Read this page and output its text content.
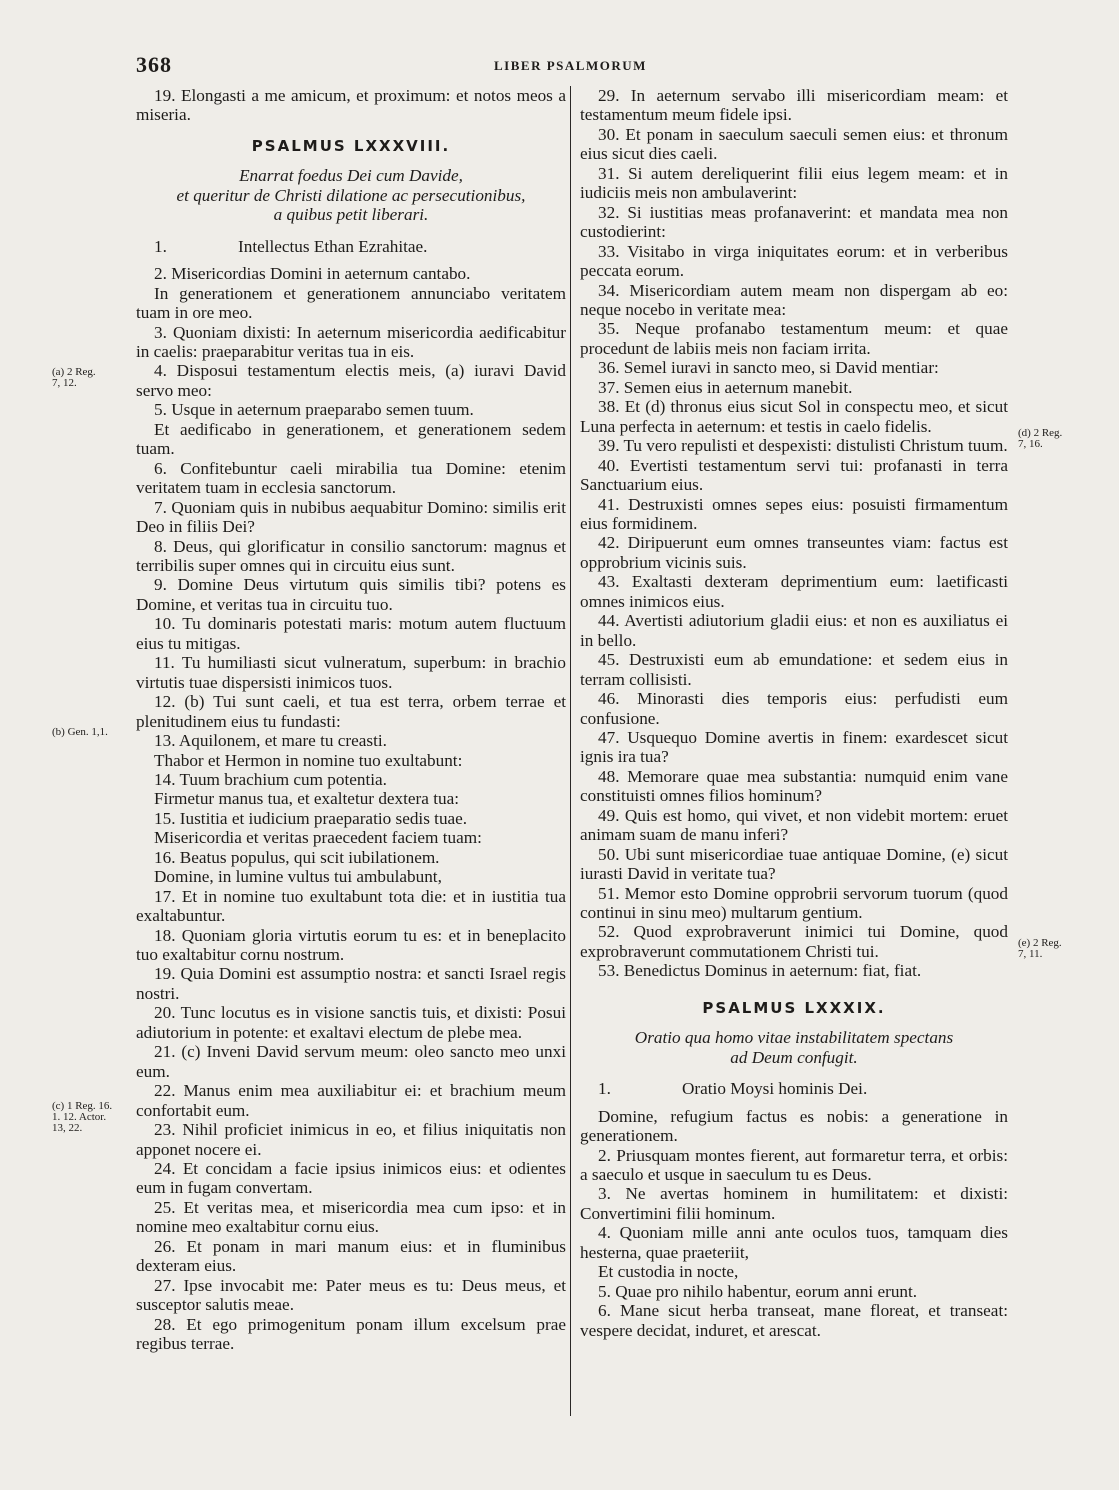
368	LIBER PSALMORUM

19. Elongasti a me amicum, et proximum: et notos meos a miseria.

PSALMUS LXXXVIII.

Enarrat foedus Dei cum Davide,

et queritur de Christi dilatione ac persecutionibus,

a quibus petit liberari.

1.	Intellectus Ethan Ezrahitae.

2. Misericordias Domini in aeternum cantabo.

In generationem et generationem annunciabo veritatem tuam in ore meo.

3. Quoniam dixisti: In aeternum misericordia aedificabitur in caelis: praeparabitur veritas tua in eis.

4. Disposui testamentum electis meis, (a) iuravi David servo meo:

5. Usque in aeternum praeparabo semen tuum.

Et aedificabo in generationem, et generationem sedem tuam.

6. Confitebuntur caeli mirabilia tua Domine: etenim veritatem tuam in ecclesia sanctorum.

7. Quoniam quis in nubibus aequabitur Domino: similis erit Deo in filiis Dei?

8. Deus, qui glorificatur in consilio sanctorum: magnus et terribilis super omnes qui in circuitu eius sunt.

9. Domine Deus virtutum quis similis tibi? potens es Domine, et veritas tua in circuitu tuo.

10. Tu dominaris potestati maris: motum autem fluctuum eius tu mitigas.

11. Tu humiliasti sicut vulneratum, superbum: in brachio virtutis tuae dispersisti inimicos tuos.

12. (b) Tui sunt caeli, et tua est terra, orbem terrae et plenitudinem eius tu fundasti:

13. Aquilonem, et mare tu creasti.

Thabor et Hermon in nomine tuo exultabunt:

14. Tuum brachium cum potentia.

Firmetur manus tua, et exaltetur dextera tua:

15. Iustitia et iudicium praeparatio sedis tuae.

Misericordia et veritas praecedent faciem tuam:

16. Beatus populus, qui scit iubilationem.

Domine, in lumine vultus tui ambulabunt,

17. Et in nomine tuo exultabunt tota die: et in iustitia tua exaltabuntur.

18. Quoniam gloria virtutis eorum tu es: et in beneplacito tuo exaltabitur cornu nostrum.

19. Quia Domini est assumptio nostra: et sancti Israel regis nostri.

20. Tunc locutus es in visione sanctis tuis, et dixisti: Posui adiutorium in potente: et exaltavi electum de plebe mea.

21. (c) Inveni David servum meum: oleo sancto meo unxi eum.

22. Manus enim mea auxiliabitur ei: et brachium meum confortabit eum.

23. Nihil proficiet inimicus in eo, et filius iniquitatis non apponet nocere ei.

24. Et concidam a facie ipsius inimicos eius: et odientes eum in fugam convertam.

25. Et veritas mea, et misericordia mea cum ipso: et in nomine meo exaltabitur cornu eius.

26. Et ponam in mari manum eius: et in fluminibus dexteram eius.

27. Ipse invocabit me: Pater meus es tu: Deus meus, et susceptor salutis meae.

28. Et ego primogenitum ponam illum excelsum prae regibus terrae.

29. In aeternum servabo illi misericordiam meam: et testamentum meum fidele ipsi.

30. Et ponam in saeculum saeculi semen eius: et thronum eius sicut dies caeli.

31. Si autem dereliquerint filii eius legem meam: et in iudiciis meis non ambulaverint:

32. Si iustitias meas profanaverint: et mandata mea non custodierint:

33. Visitabo in virga iniquitates eorum: et in verberibus peccata eorum.

34. Misericordiam autem meam non dispergam ab eo: neque nocebo in veritate mea:

35. Neque profanabo testamentum meum: et quae procedunt de labiis meis non faciam irrita.

36. Semel iuravi in sancto meo, si David mentiar:

37. Semen eius in aeternum manebit.

38. Et (d) thronus eius sicut Sol in conspectu meo, et sicut Luna perfecta in aeternum: et testis in caelo fidelis.

39. Tu vero repulisti et despexisti: distulisti Christum tuum.

40. Evertisti testamentum servi tui: profanasti in terra Sanctuarium eius.

41. Destruxisti omnes sepes eius: posuisti firmamentum eius formidinem.

42. Diripuerunt eum omnes transeuntes viam: factus est opprobrium vicinis suis.

43. Exaltasti dexteram deprimentium eum: laetificasti omnes inimicos eius.

44. Avertisti adiutorium gladii eius: et non es auxiliatus ei in bello.

45. Destruxisti eum ab emundatione: et sedem eius in terram collisisti.

46. Minorasti dies temporis eius: perfudisti eum confusione.

47. Usquequo Domine avertis in finem: exardescet sicut ignis ira tua?

48. Memorare quae mea substantia: numquid enim vane constituisti omnes filios hominum?

49. Quis est homo, qui vivet, et non videbit mortem: eruet animam suam de manu inferi?

50. Ubi sunt misericordiae tuae antiquae Domine, (e) sicut iurasti David in veritate tua?

51. Memor esto Domine opprobrii servorum tuorum (quod continui in sinu meo) multarum gentium.

52. Quod exprobraverunt inimici tui Domine, quod exprobraverunt commutationem Christi tui.

53. Benedictus Dominus in aeternum: fiat, fiat.

PSALMUS LXXXIX.

Oratio qua homo vitae instabilitatem spectans

ad Deum confugit.

1.	Oratio Moysi hominis Dei.

Domine, refugium factus es nobis: a generatione in generationem.

2. Priusquam montes fierent, aut formaretur terra, et orbis: a saeculo et usque in saeculum tu es Deus.

3. Ne avertas hominem in humilitatem: et dixisti: Convertimini filii hominum.

4. Quoniam mille anni ante oculos tuos, tamquam dies hesterna, quae praeteriit,

Et custodia in nocte,

5. Quae pro nihilo habentur, eorum anni erunt.

6. Mane sicut herba transeat, mane floreat, et transeat: vespere decidat, induret, et arescat.

(a) 2 Reg.
7, 12.
(b) Gen. 1,1.
(c) 1 Reg. 16.
1. 12. Actor.
13, 22.
(d) 2 Reg.
7, 16.
(e) 2 Reg.
7, 11.
